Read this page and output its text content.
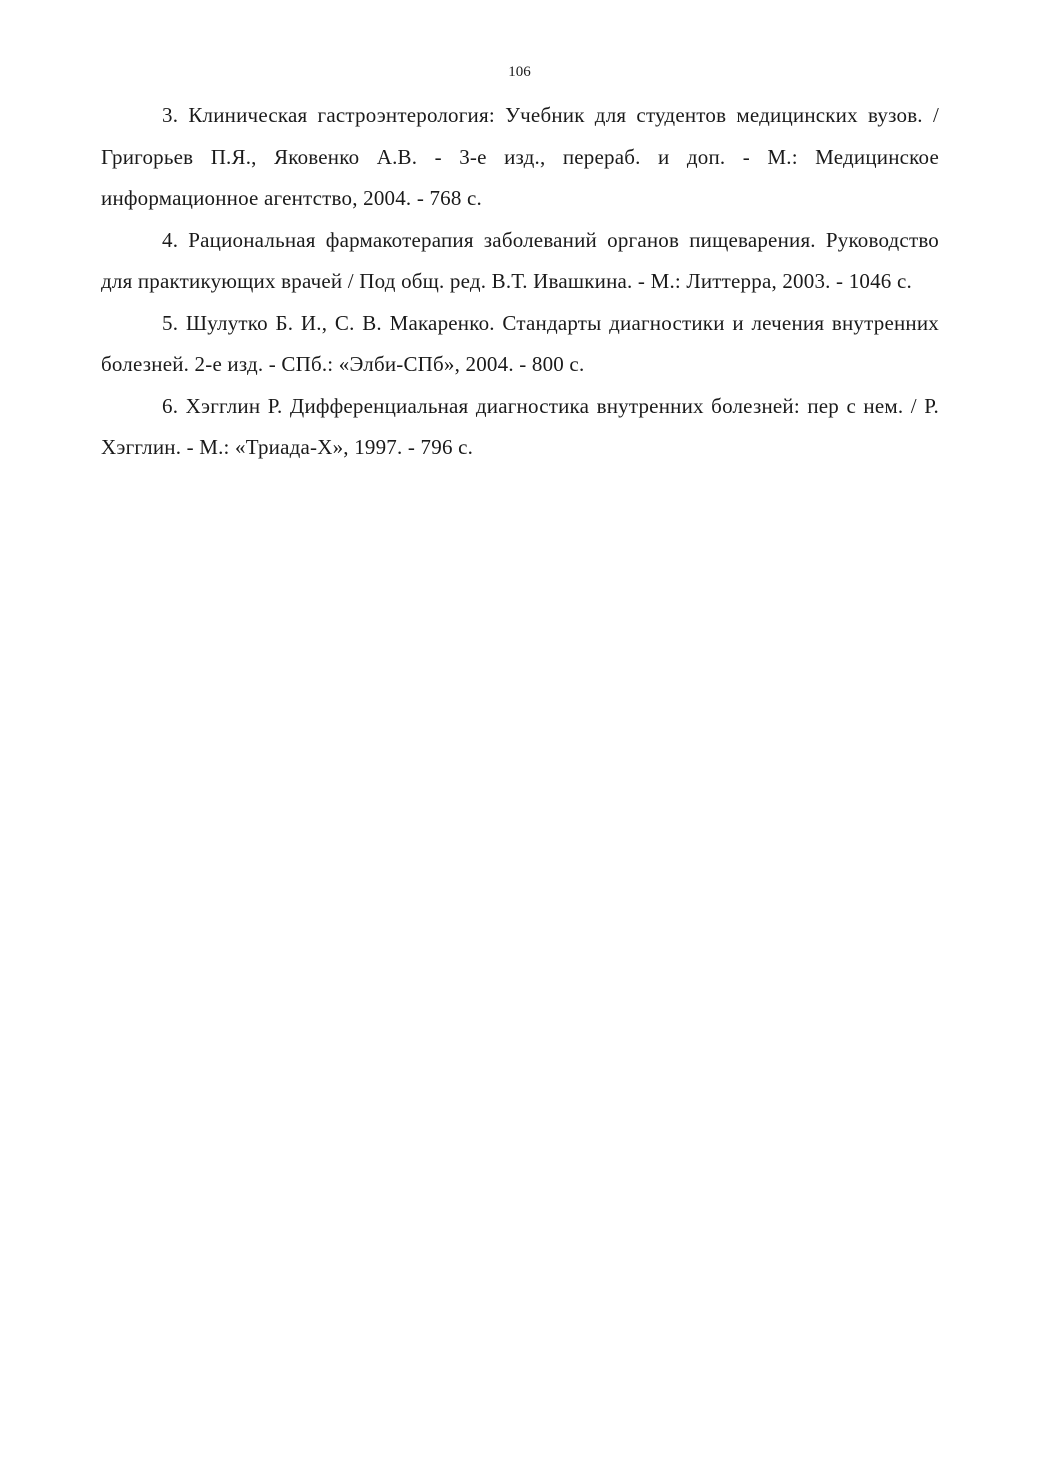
106

3. Клиническая гастроэнтерология: Учебник для студентов медицинских вузов. / Григорьев П.Я., Яковенко А.В. - 3-е изд., перераб. и доп. - М.: Медицинское информационное агентство, 2004. - 768 с.

4. Рациональная фармакотерапия заболеваний органов пищеварения. Руководство для практикующих врачей / Под общ. ред. В.Т. Ивашкина. - М.: Литтерра, 2003. - 1046 с.

5. Шулутко Б. И., С. В. Макаренко. Стандарты диагностики и лечения внутренних болезней. 2-е изд. - СПб.: «Элби-СПб», 2004. - 800 с.

6. Хэгглин Р. Дифференциальная диагностика внутренних болезней: пер с нем. / Р. Хэгглин. - М.: «Триада-Х», 1997. - 796 с.
